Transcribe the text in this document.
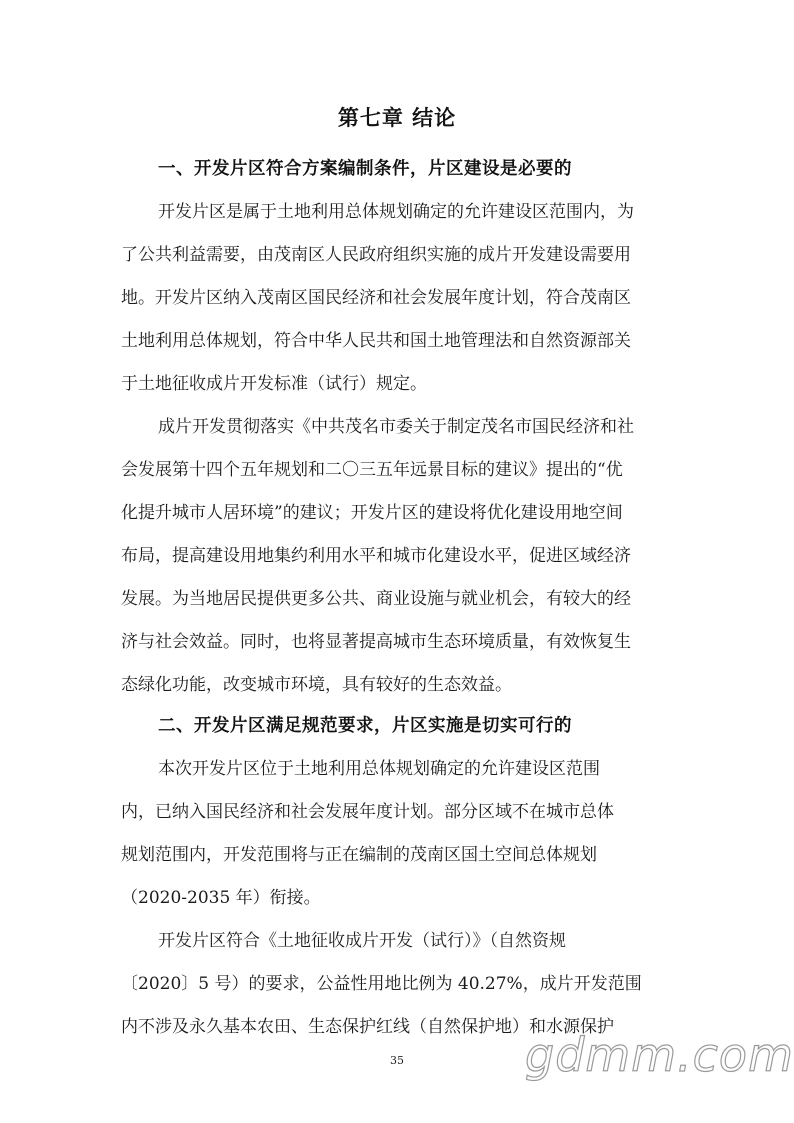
第七章 结论
一、开发片区符合方案编制条件，片区建设是必要的
开发片区是属于土地利用总体规划确定的允许建设区范围内，为
了公共利益需要，由茂南区人民政府组织实施的成片开发建设需要用
地。开发片区纳入茂南区国民经济和社会发展年度计划，符合茂南区
土地利用总体规划，符合中华人民共和国土地管理法和自然资源部关
于土地征收成片开发标准（试行）规定。
成片开发贯彻落实《中共茂名市委关于制定茂名市国民经济和社
会发展第十四个五年规划和二〇三五年远景目标的建议》提出的“优
化提升城市人居环境”的建议；开发片区的建设将优化建设用地空间
布局，提高建设用地集约利用水平和城市化建设水平，促进区域经济
发展。为当地居民提供更多公共、商业设施与就业机会，有较大的经
济与社会效益。同时，也将显著提高城市生态环境质量，有效恢复生
态绿化功能，改变城市环境，具有较好的生态效益。
二、开发片区满足规范要求，片区实施是切实可行的
本次开发片区位于土地利用总体规划确定的允许建设区范围
内，已纳入国民经济和社会发展年度计划。部分区域不在城市总体
规划范围内，开发范围将与正在编制的茂南区国土空间总体规划
（2020-2035 年）衔接。
开发片区符合《土地征收成片开发（试行）》（自然资规
〔2020〕5 号）的要求，公益性用地比例为 40.27%，成片开发范围
内不涉及永久基本农田、生态保护红线（自然保护地）和水源保护
35	gdmm.com
